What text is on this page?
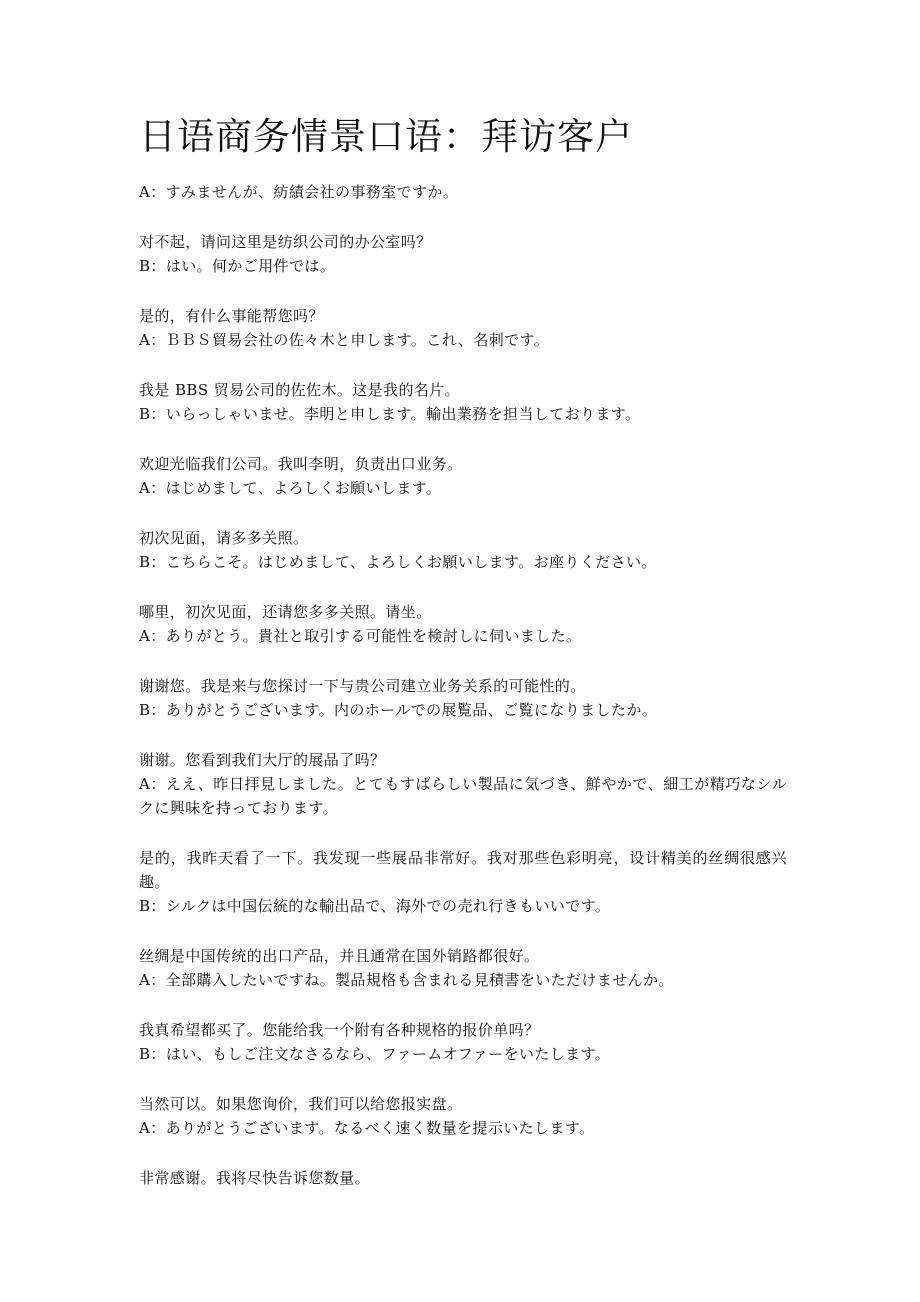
日语商务情景口语：拜访客户
A：すみませんが、紡績会社の事務室ですか。
对不起，请问这里是纺织公司的办公室吗？
B：はい。何かご用件では。
是的，有什么事能帮您吗？
A：ＢＢＳ貿易会社の佐々木と申します。これ、名刺です。
我是 BBS 贸易公司的佐佐木。这是我的名片。
B：いらっしゃいませ。李明と申します。輸出業務を担当しております。
欢迎光临我们公司。我叫李明，负责出口业务。
A：はじめまして、よろしくお願いします。
初次见面，请多多关照。
B：こちらこそ。はじめまして、よろしくお願いします。お座りください。
哪里，初次见面，还请您多多关照。请坐。
A：ありがとう。貴社と取引する可能性を検討しに伺いました。
谢谢您。我是来与您探讨一下与贵公司建立业务关系的可能性的。
B：ありがとうございます。内のホールでの展覧品、ご覧になりましたか。
谢谢。您看到我们大厅的展品了吗？
A：ええ、昨日拝見しました。とてもすばらしい製品に気づき、鮮やかで、細工が精巧なシルクに興味を持っております。
是的，我昨天看了一下。我发现一些展品非常好。我对那些色彩明亮，设计精美的丝绸很感兴趣。
B：シルクは中国伝統的な輸出品で、海外での売れ行きもいいです。
丝绸是中国传统的出口产品，并且通常在国外销路都很好。
A：全部購入したいですね。製品規格も含まれる見積書をいただけませんか。
我真希望都买了。您能给我一个附有各种规格的报价单吗？
B：はい、もしご注文なさるなら、ファームオファーをいたします。
当然可以。如果您询价，我们可以给您报实盘。
A：ありがとうございます。なるべく速く数量を提示いたします。
非常感谢。我将尽快告诉您数量。
